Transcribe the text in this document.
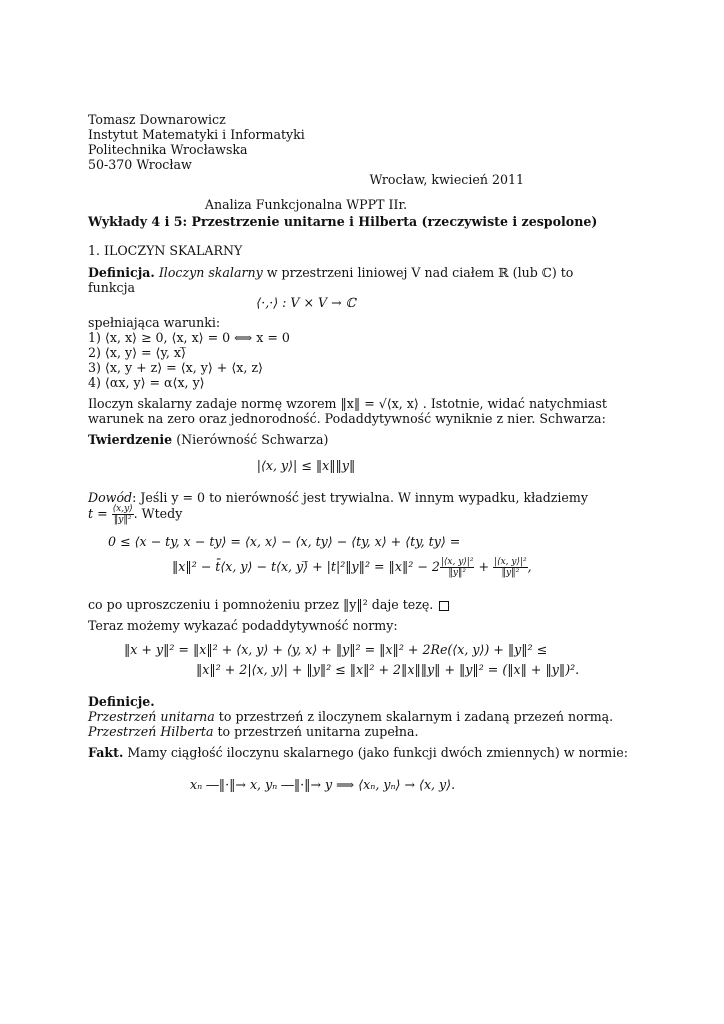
Tomasz Downarowicz
Instytut Matematyki i Informatyki
Politechnika Wrocławska
50-370 Wrocław
Wrocław, kwiecień 2011
Analiza Funkcjonalna WPPT IIr.
Wykłady 4 i 5: Przestrzenie unitarne i Hilberta (rzeczywiste i zespolone)
1. ILOCZYN SKALARNY
Definicja. Iloczyn skalarny w przestrzeni liniowej V nad ciałem ℝ (lub ℂ) to
funkcja
⟨·,·⟩ : V × V → ℂ
spełniająca warunki:
1) ⟨x, x⟩ ≥ 0, ⟨x, x⟩ = 0 ⟺ x = 0
2) ⟨x, y⟩ = ⟨y, x⟩̅
3) ⟨x, y + z⟩ = ⟨x, y⟩ + ⟨x, z⟩
4) ⟨αx, y⟩ = α⟨x, y⟩
Iloczyn skalarny zadaje normę wzorem ‖x‖ = √⟨x, x⟩ . Istotnie, widać natychmiast
warunek na zero oraz jednorodność. Podaddytywność wyniknie z nier. Schwarza:
Twierdzenie (Nierówność Schwarza)
|⟨x, y⟩| ≤ ‖x‖‖y‖
Dowód: Jeśli y = 0 to nierówność jest trywialna. W innym wypadku, kładziemy
$t = \frac{⟨x,y⟩}{\text{‖y‖²}}$ . Wtedy
0 ≤ ⟨x − ty, x − ty⟩ = ⟨x, x⟩ − ⟨x, ty⟩ − ⟨ty, x⟩ + ⟨ty, ty⟩ =
‖x‖² − t̄⟨x, y⟩ − t⟨x, y⟩̅ + |t|²‖y‖² = ‖x‖² − $2 \frac{\text{|⟨x, y⟩|²}}{\text{‖y‖²}} + \frac{\text{|⟨x, y⟩|²}}{\text{‖y‖²}}$ ,
co po uproszczeniu i pomnożeniu przez ‖y‖² daje tezę.
Teraz możemy wykazać podaddytywność normy:
‖x + y‖² = ‖x‖² + ⟨x, y⟩ + ⟨y, x⟩ + ‖y‖² = ‖x‖² + 2Re(⟨x, y⟩) + ‖y‖² ≤
‖x‖² + 2|⟨x, y⟩| + ‖y‖² ≤ ‖x‖² + 2‖x‖‖y‖ + ‖y‖² = (‖x‖ + ‖y‖)².
Definicje.
Przestrzeń unitarna to przestrzeń z iloczynem skalarnym i zadaną przezeń normą.
Przestrzeń Hilberta to przestrzeń unitarna zupełna.
Fakt. Mamy ciągłość iloczynu skalarnego (jako funkcji dwóch zmiennych) w normie:
xₙ ―‖·‖→ x, yₙ ―‖·‖→ y ⟹ ⟨xₙ, yₙ⟩ → ⟨x, y⟩.
